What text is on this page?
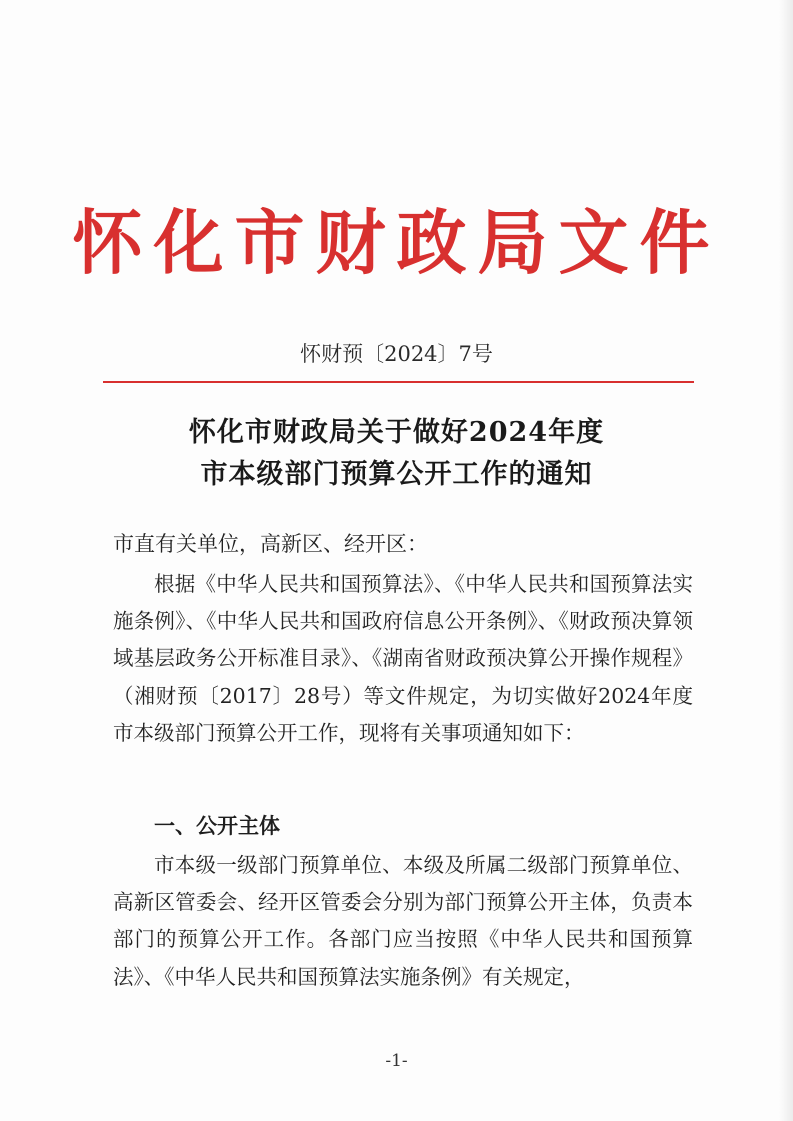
怀化市财政局文件
怀财预〔2024〕7号
怀化市财政局关于做好2024年度
市本级部门预算公开工作的通知
市直有关单位，高新区、经开区：

根据《中华人民共和国预算法》、《中华人民共和国预算法实施条例》、《中华人民共和国政府信息公开条例》、《财政预决算领域基层政务公开标准目录》、《湖南省财政预决算公开操作规程》（湘财预〔2017〕28号）等文件规定，为切实做好2024年度市本级部门预算公开工作，现将有关事项通知如下：

一、公开主体

市本级一级部门预算单位、本级及所属二级部门预算单位、高新区管委会、经开区管委会分别为部门预算公开主体，负责本部门的预算公开工作。各部门应当按照《中华人民共和国预算法》、《中华人民共和国预算法实施条例》有关规定，

-1-
